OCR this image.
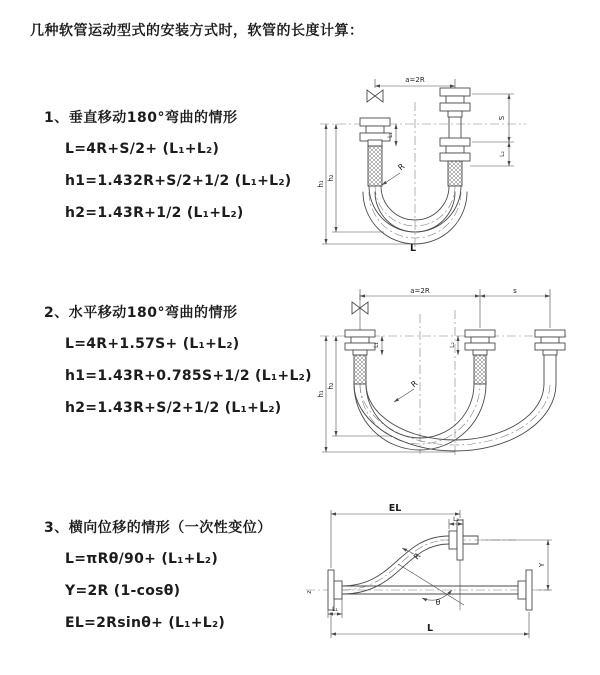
几种软管运动型式的安装方式时，软管的长度计算：
1、垂直移动180°弯曲的情形
L=4R+S/2+ (L₁+L₂)
h1=1.432R+S/2+1/2 (L₁+L₂)
h2=1.43R+1/2 (L₁+L₂)
a=2R
S
L₂
L₁
h₁
h₂
R
L
2、水平移动180°弯曲的情形
L=4R+1.57S+ (L₁+L₂)
h1=1.43R+0.785S+1/2 (L₁+L₂)
h2=1.43R+S/2+1/2 (L₁+L₂)
a=2R	s
h₁
h₂
L₁	L₂
R
3、横向位移的情形（一次性变位）
L=πRθ/90+ (L₁+L₂)
Y=2R (1-cosθ)
EL=2Rsinθ+ (L₁+L₂)
EL
L
Y
L₂
L₁
R
θ
z
